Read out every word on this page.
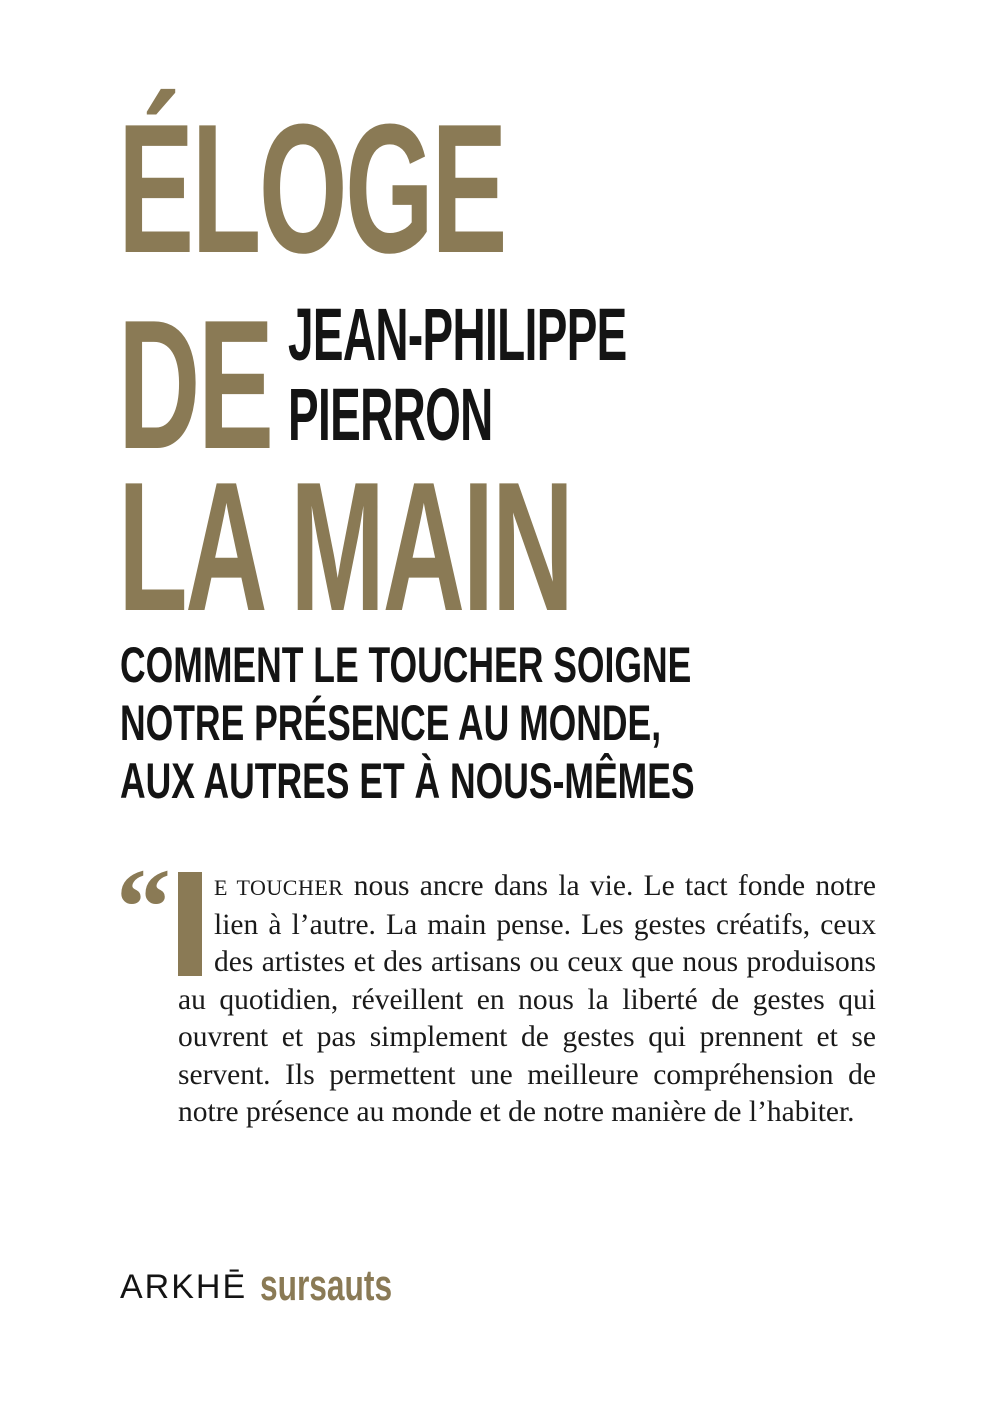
ÉLOGE
DE
LA MAIN
JEAN-PHILIPPE
PIERRON
COMMENT LE TOUCHER SOIGNE
NOTRE PRÉSENCE AU MONDE,
AUX AUTRES ET À NOUS-MÊMES
“	E TOUCHER nous ancre dans la vie. Le tact fonde notre lien à l’autre. La main pense. Les gestes créatifs, ceux des artistes et des artisans ou ceux que nous produisons au quotidien, réveillent en nous la liberté de gestes qui ouvrent et pas simplement de gestes qui prennent et se servent. Ils permettent une meilleure compréhension de notre présence au monde et de notre manière de l’habiter.

ARKHĒ sursauts
